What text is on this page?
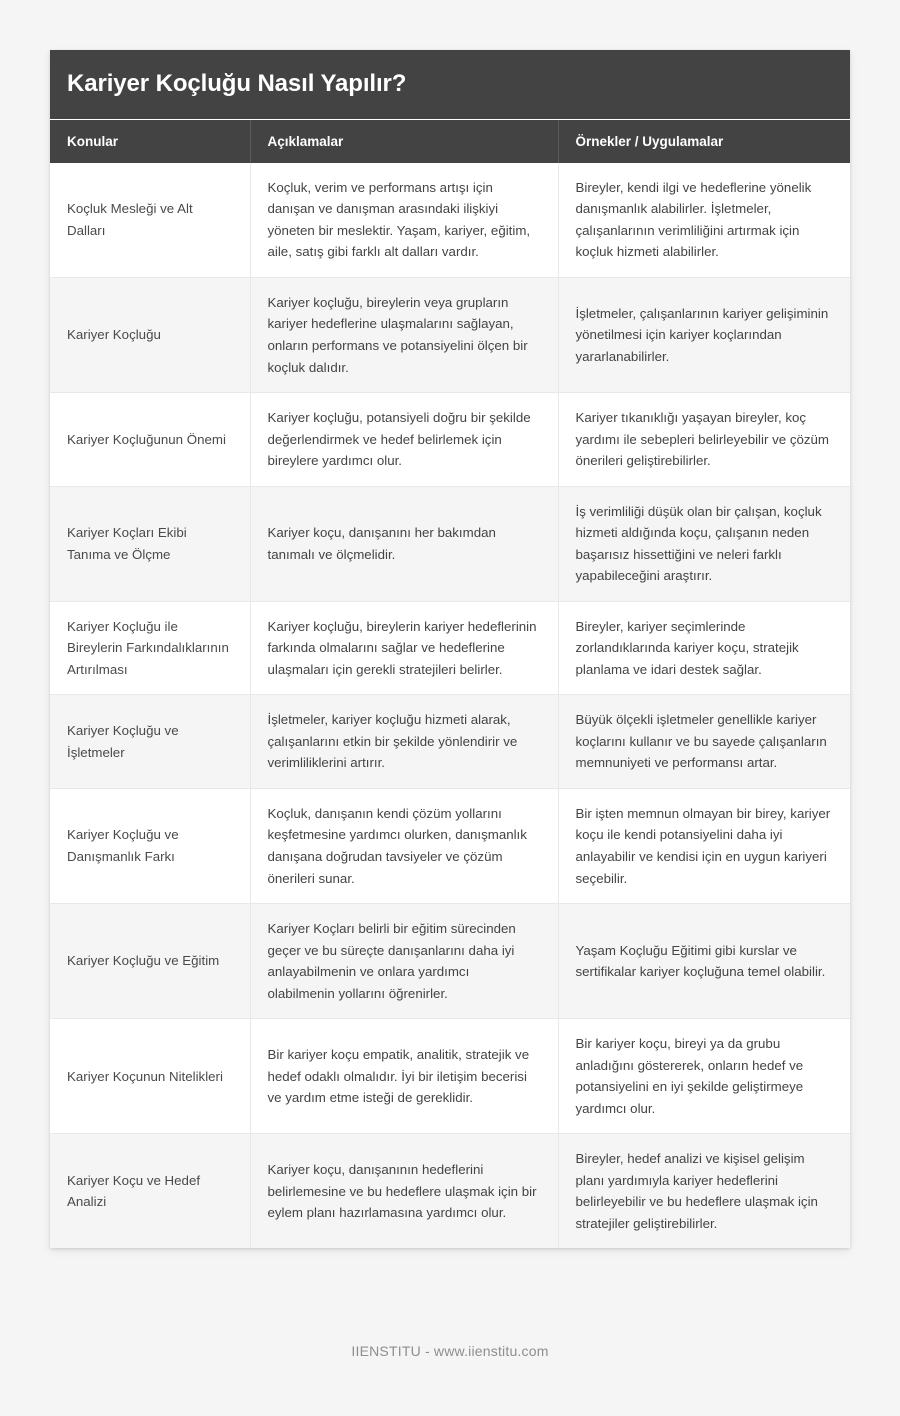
Kariyer Koçluğu Nasıl Yapılır?
Konular	Açıklamalar	Örnekler / Uygulamalar
Koçluk Mesleği ve Alt Dalları	Koçluk, verim ve performans artışı için danışan ve danışman arasındaki ilişkiyi yöneten bir meslektir. Yaşam, kariyer, eğitim, aile, satış gibi farklı alt dalları vardır.	Bireyler, kendi ilgi ve hedeflerine yönelik danışmanlık alabilirler. İşletmeler, çalışanlarının verimliliğini artırmak için koçluk hizmeti alabilirler.
Kariyer Koçluğu	Kariyer koçluğu, bireylerin veya grupların kariyer hedeflerine ulaşmalarını sağlayan, onların performans ve potansiyelini ölçen bir koçluk dalıdır.	İşletmeler, çalışanlarının kariyer gelişiminin yönetilmesi için kariyer koçlarından yararlanabilirler.
Kariyer Koçluğunun Önemi	Kariyer koçluğu, potansiyeli doğru bir şekilde değerlendirmek ve hedef belirlemek için bireylere yardımcı olur.	Kariyer tıkanıklığı yaşayan bireyler, koç yardımı ile sebepleri belirleyebilir ve çözüm önerileri geliştirebilirler.
Kariyer Koçları Ekibi Tanıma ve Ölçme	Kariyer koçu, danışanını her bakımdan tanımalı ve ölçmelidir.	İş verimliliği düşük olan bir çalışan, koçluk hizmeti aldığında koçu, çalışanın neden başarısız hissettiğini ve neleri farklı yapabileceğini araştırır.
Kariyer Koçluğu ile Bireylerin Farkındalıklarının Artırılması	Kariyer koçluğu, bireylerin kariyer hedeflerinin farkında olmalarını sağlar ve hedeflerine ulaşmaları için gerekli stratejileri belirler.	Bireyler, kariyer seçimlerinde zorlandıklarında kariyer koçu, stratejik planlama ve idari destek sağlar.
Kariyer Koçluğu ve İşletmeler	İşletmeler, kariyer koçluğu hizmeti alarak, çalışanlarını etkin bir şekilde yönlendirir ve verimliliklerini artırır.	Büyük ölçekli işletmeler genellikle kariyer koçlarını kullanır ve bu sayede çalışanların memnuniyeti ve performansı artar.
Kariyer Koçluğu ve Danışmanlık Farkı	Koçluk, danışanın kendi çözüm yollarını keşfetmesine yardımcı olurken, danışmanlık danışana doğrudan tavsiyeler ve çözüm önerileri sunar.	Bir işten memnun olmayan bir birey, kariyer koçu ile kendi potansiyelini daha iyi anlayabilir ve kendisi için en uygun kariyeri seçebilir.
Kariyer Koçluğu ve Eğitim	Kariyer Koçları belirli bir eğitim sürecinden geçer ve bu süreçte danışanlarını daha iyi anlayabilmenin ve onlara yardımcı olabilmenin yollarını öğrenirler.	Yaşam Koçluğu Eğitimi gibi kurslar ve sertifikalar kariyer koçluğuna temel olabilir.
Kariyer Koçunun Nitelikleri	Bir kariyer koçu empatik, analitik, stratejik ve hedef odaklı olmalıdır. İyi bir iletişim becerisi ve yardım etme isteği de gereklidir.	Bir kariyer koçu, bireyi ya da grubu anladığını göstererek, onların hedef ve potansiyelini en iyi şekilde geliştirmeye yardımcı olur.
Kariyer Koçu ve Hedef Analizi	Kariyer koçu, danışanının hedeflerini belirlemesine ve bu hedeflere ulaşmak için bir eylem planı hazırlamasına yardımcı olur.	Bireyler, hedef analizi ve kişisel gelişim planı yardımıyla kariyer hedeflerini belirleyebilir ve bu hedeflere ulaşmak için stratejiler geliştirebilirler.
IIENSTITU - www.iienstitu.com
